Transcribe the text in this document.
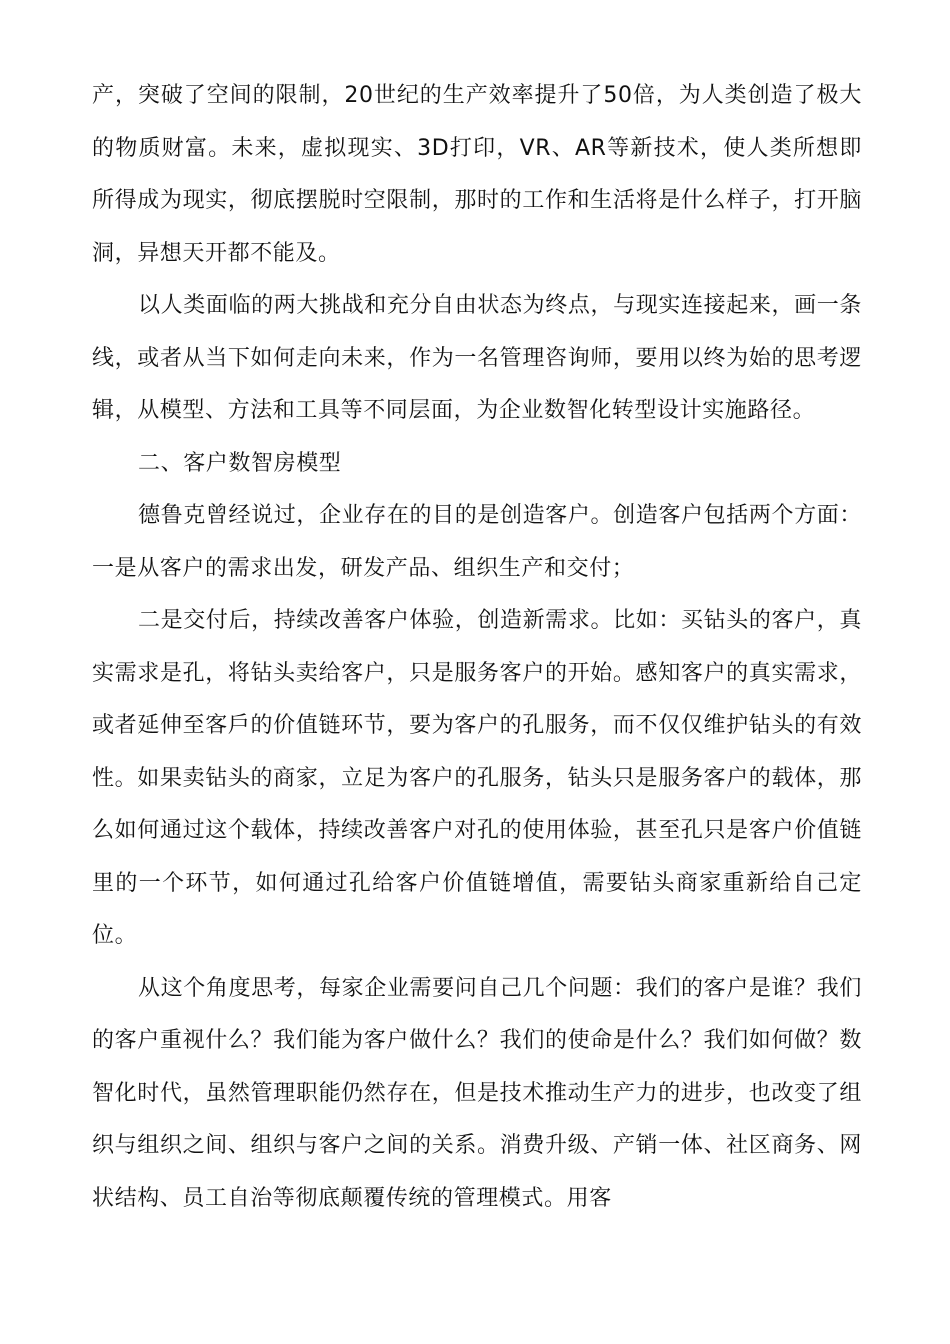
产，突破了空间的限制，20世纪的生产效率提升了50倍，为人类创造了极大的物质财富。未来，虚拟现实、3D打印，VR、AR等新技术，使人类所想即所得成为现实，彻底摆脱时空限制，那时的工作和生活将是什么样子，打开脑洞，异想天开都不能及。

以人类面临的两大挑战和充分自由状态为终点，与现实连接起来，画一条线，或者从当下如何走向未来，作为一名管理咨询师，要用以终为始的思考逻辑，从模型、方法和工具等不同层面，为企业数智化转型设计实施路径。

二、客户数智房模型

德鲁克曾经说过，企业存在的目的是创造客户。创造客户包括两个方面：一是从客户的需求出发，研发产品、组织生产和交付；

二是交付后，持续改善客户体验，创造新需求。比如：买钻头的客户，真实需求是孔，将钻头卖给客户，只是服务客户的开始。感知客户的真实需求，或者延伸至客戶的价值链环节，要为客户的孔服务，而不仅仅维护钻头的有效性。如果卖钻头的商家，立足为客户的孔服务，钻头只是服务客户的载体，那么如何通过这个载体，持续改善客户对孔的使用体验，甚至孔只是客户价值链里的一个环节，如何通过孔给客户价值链增值，需要钻头商家重新给自己定位。

从这个角度思考，每家企业需要问自己几个问题：我们的客户是谁？我们的客户重视什么？我们能为客户做什么？我们的使命是什么？我们如何做？数智化时代，虽然管理职能仍然存在，但是技术推动生产力的进步，也改变了组织与组织之间、组织与客户之间的关系。消费升级、产销一体、社区商务、网状结构、员工自治等彻底颠覆传统的管理模式。用客
